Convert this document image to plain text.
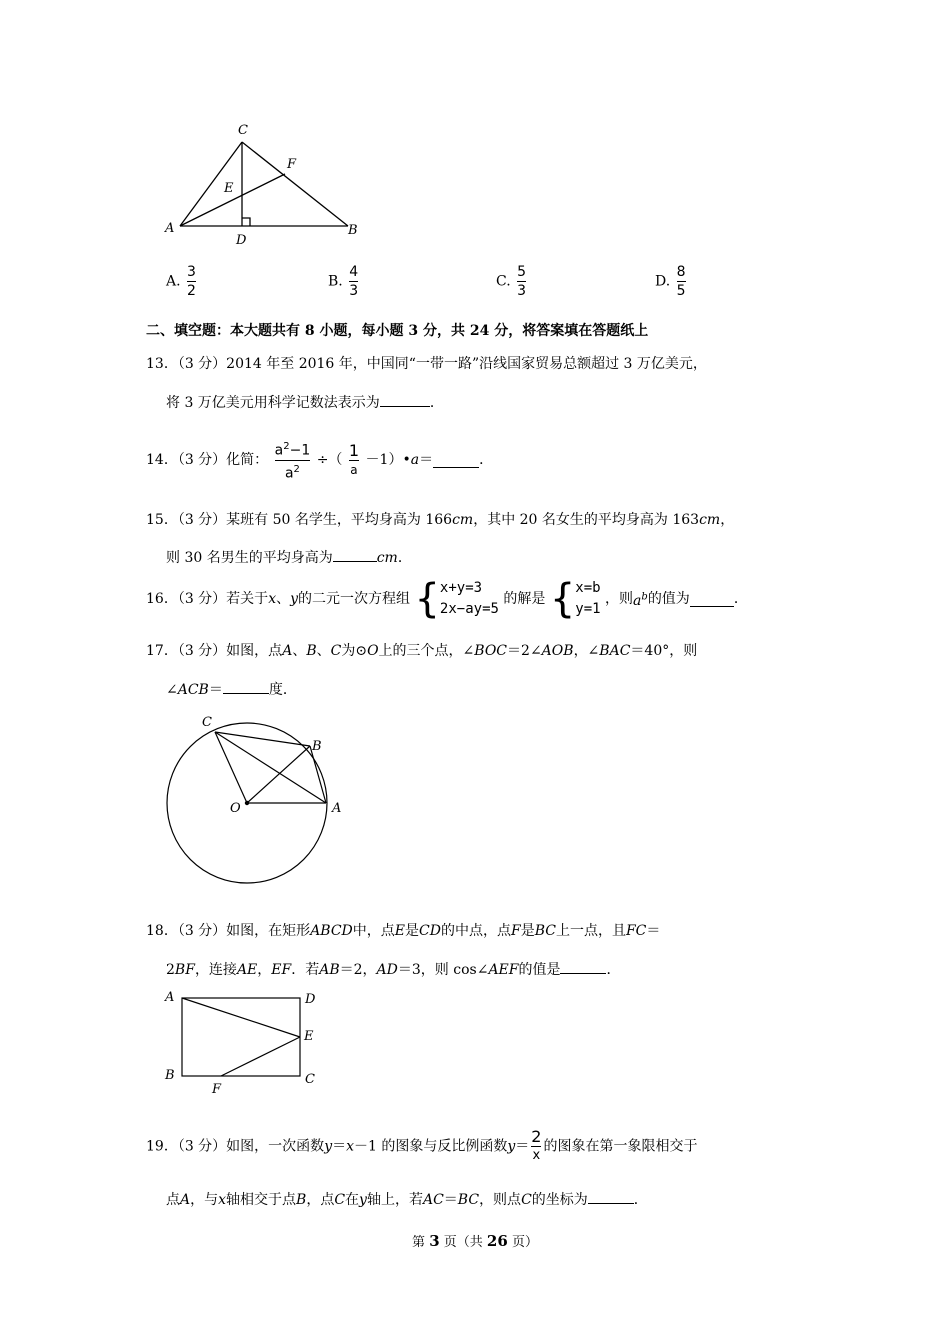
C
F
E
A
D
B
A. $\frac{3}{2}$	B. $\frac{4}{3}$	C. $\frac{5}{3}$	D. $\frac{8}{5}$
二、填空题：本大题共有 8 小题，每小题 3 分，共 24 分，将答案填在答题纸上
13．（3 分）2014 年至 2016 年，中国同“一带一路”沿线国家贸易总额超过 3 万亿美元，
将 3 万亿美元用科学记数法表示为	．
14．（3 分）化简： $\frac{a^2-1}{a^2}$ ÷（ $\frac{1}{a}$ －1）•a＝	．
15．（3 分）某班有 50 名学生，平均身高为 166cm，其中 20 名女生的平均身高为 163cm，
则 30 名男生的平均身高为	cm．
16．（3 分）若关于x、y的二元一次方程组 { x+y=3
2x−ay=5
的解是 { x=b
y=1
，则$a^b$的值为	．
17．（3 分）如图，点A、B、C为⊙O上的三个点，∠BOC＝2∠AOB，∠BAC＝40°，则
∠ACB＝	度．
C
B
O	A
18．（3 分）如图，在矩形ABCD中，点E是CD的中点，点F是BC上一点，且FC＝
2BF，连接AE，EF．若AB＝2，AD＝3，则 cos∠AEF的值是	．
A	D
E
B
F
C
19．（3 分）如图，一次函数y＝x－1 的图象与反比例函数$y= \frac{2}{x}$ 的图象在第一象限相交于
点A，与x轴相交于点B，点C在y轴上，若AC＝BC，则点C的坐标为	．
第 3 页（共 26 页）
